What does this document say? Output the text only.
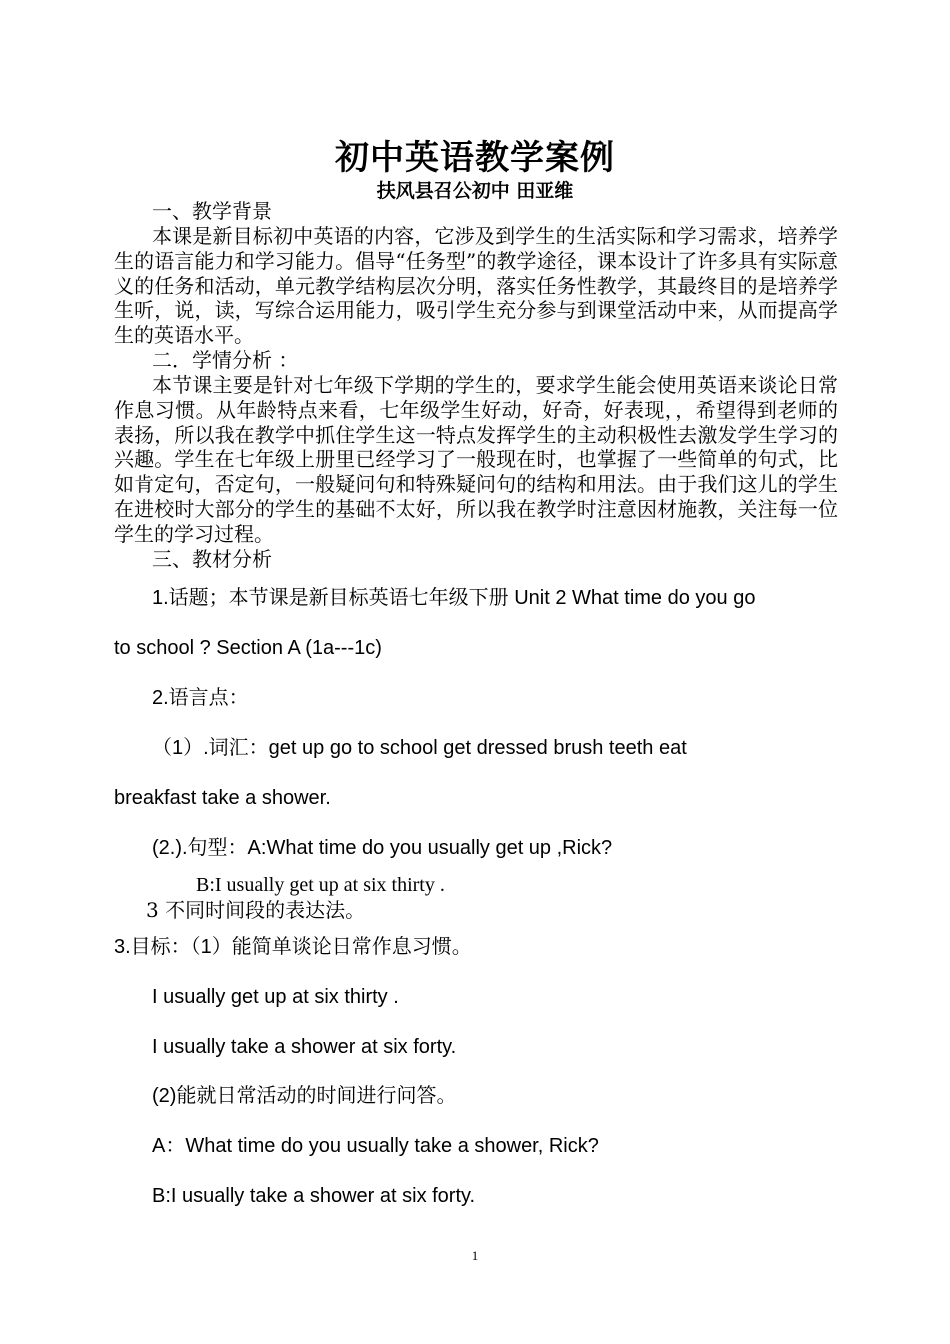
初中英语教学案例
扶风县召公初中 田亚维
一、教学背景
本课是新目标初中英语的内容，它涉及到学生的生活实际和学习需求，培养学生的语言能力和学习能力。倡导“任务型”的教学途径，课本设计了许多具有实际意义的任务和活动，单元教学结构层次分明，落实任务性教学，其最终目的是培养学生听，说，读，写综合运用能力，吸引学生充分参与到课堂活动中来，从而提高学生的英语水平。
二．学情分析 ：
本节课主要是针对七年级下学期的学生的，要求学生能会使用英语来谈论日常作息习惯。从年龄特点来看，七年级学生好动，好奇，好表现，，希望得到老师的表扬，所以我在教学中抓住学生这一特点发挥学生的主动积极性去激发学生学习的兴趣。学生在七年级上册里已经学习了一般现在时，也掌握了一些简单的句式，比如肯定句，否定句，一般疑问句和特殊疑问句的结构和用法。由于我们这儿的学生在进校时大部分的学生的基础不太好，所以我在教学时注意因材施教，关注每一位学生的学习过程。
三、教材分析
1.话题；本节课是新目标英语七年级下册 Unit 2 What time do you go
to school ? Section A (1a---1c)
2.语言点：
（1）.词汇：get up go to school get dressed brush teeth eat
breakfast take a shower.
(2.).句型：A:What time do you usually get up ,Rick?
B:I usually get up at six thirty .
3 不同时间段的表达法。
3.目标：（1）能简单谈论日常作息习惯。
I usually get up at six thirty .
I usually take a shower at six forty.
(2)能就日常活动的时间进行问答。
A：What time do you usually take a shower, Rick?
B:I usually take a shower at six forty.
1
